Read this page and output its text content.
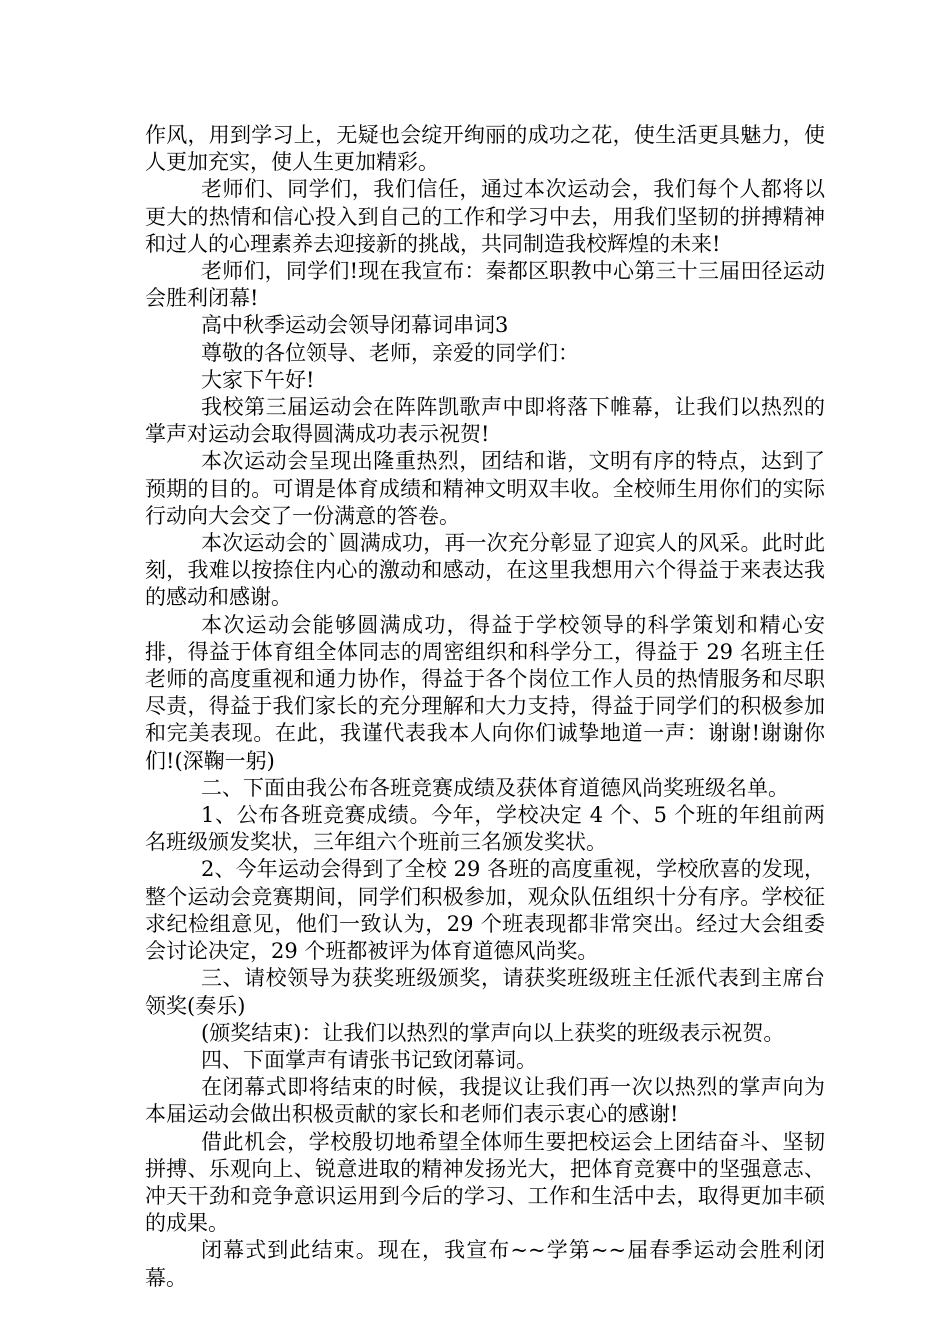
作风，用到学习上，无疑也会绽开绚丽的成功之花，使生活更具魅力，使人更加充实，使人生更加精彩。

老师们、同学们，我们信任，通过本次运动会，我们每个人都将以更大的热情和信心投入到自己的工作和学习中去，用我们坚韧的拼搏精神和过人的心理素养去迎接新的挑战，共同制造我校辉煌的未来!

老师们，同学们!现在我宣布：秦都区职教中心第三十三届田径运动会胜利闭幕!

高中秋季运动会领导闭幕词串词3

尊敬的各位领导、老师，亲爱的同学们：

大家下午好!

我校第三届运动会在阵阵凯歌声中即将落下帷幕，让我们以热烈的掌声对运动会取得圆满成功表示祝贺!

本次运动会呈现出隆重热烈，团结和谐，文明有序的特点，达到了预期的目的。可谓是体育成绩和精神文明双丰收。全校师生用你们的实际行动向大会交了一份满意的答卷。

本次运动会的`圆满成功，再一次充分彰显了迎宾人的风采。此时此刻，我难以按捺住内心的激动和感动，在这里我想用六个得益于来表达我的感动和感谢。

本次运动会能够圆满成功，得益于学校领导的科学策划和精心安排，得益于体育组全体同志的周密组织和科学分工，得益于 29 名班主任老师的高度重视和通力协作，得益于各个岗位工作人员的热情服务和尽职尽责，得益于我们家长的充分理解和大力支持，得益于同学们的积极参加和完美表现。在此，我谨代表我本人向你们诚挚地道一声：谢谢!谢谢你们!(深鞠一躬)

二、下面由我公布各班竞赛成绩及获体育道德风尚奖班级名单。

1、公布各班竞赛成绩。今年，学校决定 4 个、5 个班的年组前两名班级颁发奖状，三年组六个班前三名颁发奖状。

2、今年运动会得到了全校 29 各班的高度重视，学校欣喜的发现，整个运动会竞赛期间，同学们积极参加，观众队伍组织十分有序。学校征求纪检组意见，他们一致认为，29 个班表现都非常突出。经过大会组委会讨论决定，29 个班都被评为体育道德风尚奖。

三、请校领导为获奖班级颁奖，请获奖班级班主任派代表到主席台领奖(奏乐)

(颁奖结束)：让我们以热烈的掌声向以上获奖的班级表示祝贺。

四、下面掌声有请张书记致闭幕词。

在闭幕式即将结束的时候，我提议让我们再一次以热烈的掌声向为本届运动会做出积极贡献的家长和老师们表示衷心的感谢!

借此机会，学校殷切地希望全体师生要把校运会上团结奋斗、坚韧拼搏、乐观向上、锐意进取的精神发扬光大，把体育竞赛中的坚强意志、冲天干劲和竞争意识运用到今后的学习、工作和生活中去，取得更加丰硕的成果。

闭幕式到此结束。现在，我宣布~~学第~~届春季运动会胜利闭幕。
